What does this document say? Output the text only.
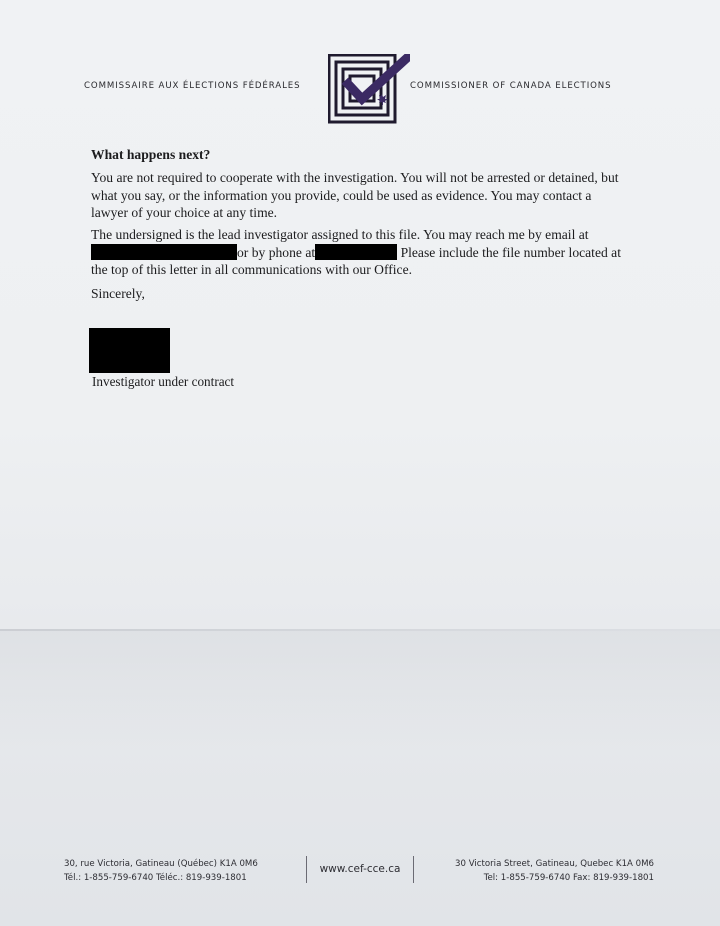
COMMISSAIRE AUX ÉLECTIONS FÉDÉRALES	COMMISSIONER OF CANADA ELECTIONS
What happens next?
You are not required to cooperate with the investigation. You will not be arrested or detained, but what you say, or the information you provide, could be used as evidence. You may contact a lawyer of your choice at any time.
The undersigned is the lead investigator assigned to this file. You may reach me by email at or by phone at	Please include the file number located at the top of this letter in all communications with our Office.
Sincerely,
Investigator under contract
30, rue Victoria, Gatineau (Québec) K1A 0M6
Tél.: 1-855-759-6740 Téléc.: 819-939-1801
www.cef-cce.ca	30 Victoria Street, Gatineau, Quebec K1A 0M6
Tel: 1-855-759-6740 Fax: 819-939-1801
